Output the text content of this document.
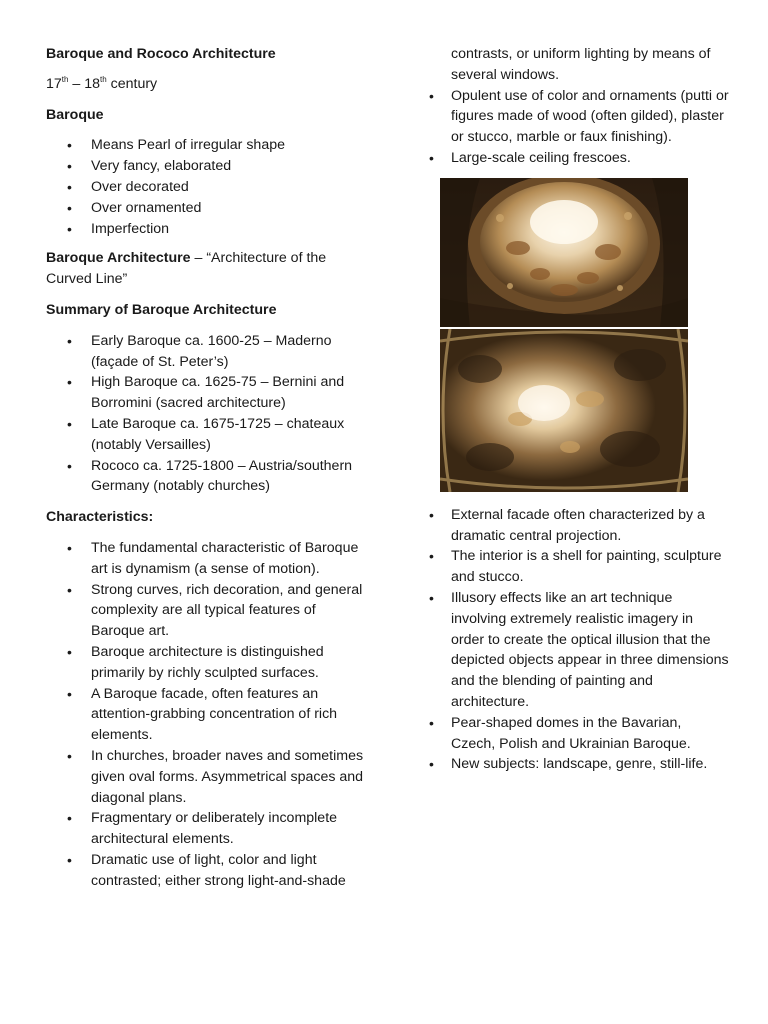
Baroque and Rococo Architecture

17th – 18th century

Baroque

• Means Pearl of irregular shape
• Very fancy, elaborated
• Over decorated
• Over ornamented
• Imperfection

Baroque Architecture – “Architecture of the Curved Line”

Summary of Baroque Architecture

• Early Baroque ca. 1600-25 – Maderno (façade of St. Peter’s)
• High Baroque ca. 1625-75 – Bernini and Borromini (sacred architecture)
• Late Baroque ca. 1675-1725 – chateaux (notably Versailles)
• Rococo ca. 1725-1800 – Austria/southern Germany (notably churches)

Characteristics:

• The fundamental characteristic of Baroque art is dynamism (a sense of motion).
• Strong curves, rich decoration, and general complexity are all typical features of Baroque art.
• Baroque architecture is distinguished primarily by richly sculpted surfaces.
• A Baroque facade, often features an attention-grabbing concentration of rich elements.
• In churches, broader naves and sometimes given oval forms. Asymmetrical spaces and diagonal plans.
• Fragmentary or deliberately incomplete architectural elements.
• Dramatic use of light, color and light contrasted; either strong light-and-shade

contrasts, or uniform lighting by means of several windows.

• Opulent use of color and ornaments (putti or figures made of wood (often gilded), plaster or stucco, marble or faux finishing).
• Large-scale ceiling frescoes.
• External facade often characterized by a dramatic central projection.
• The interior is a shell for painting, sculpture and stucco.
• Illusory effects like an art technique involving extremely realistic imagery in order to create the optical illusion that the depicted objects appear in three dimensions and the blending of painting and architecture.
• Pear-shaped domes in the Bavarian, Czech, Polish and Ukrainian Baroque.
• New subjects: landscape, genre, still-life.
